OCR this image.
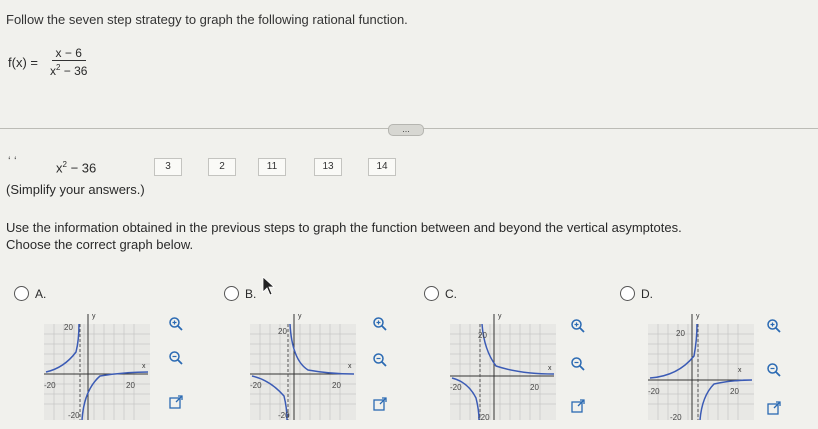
Follow the seven step strategy to graph the following rational function.
$f(x) = \frac{x - 6}{x^2 - 36}$
...
‘ ‘	$x^2 - 36$	3	2	11	13	14
(Simplify your answers.)
Use the information obtained in the previous steps to graph the function between and beyond the vertical asymptotes.
Choose the correct graph below.
A.
y
x
20
-20	20
-20
B.
y
x
20
-20	20
-20
C.
y
x
20
-20	20
-20
D.
y
x
20
-20	20
-20
